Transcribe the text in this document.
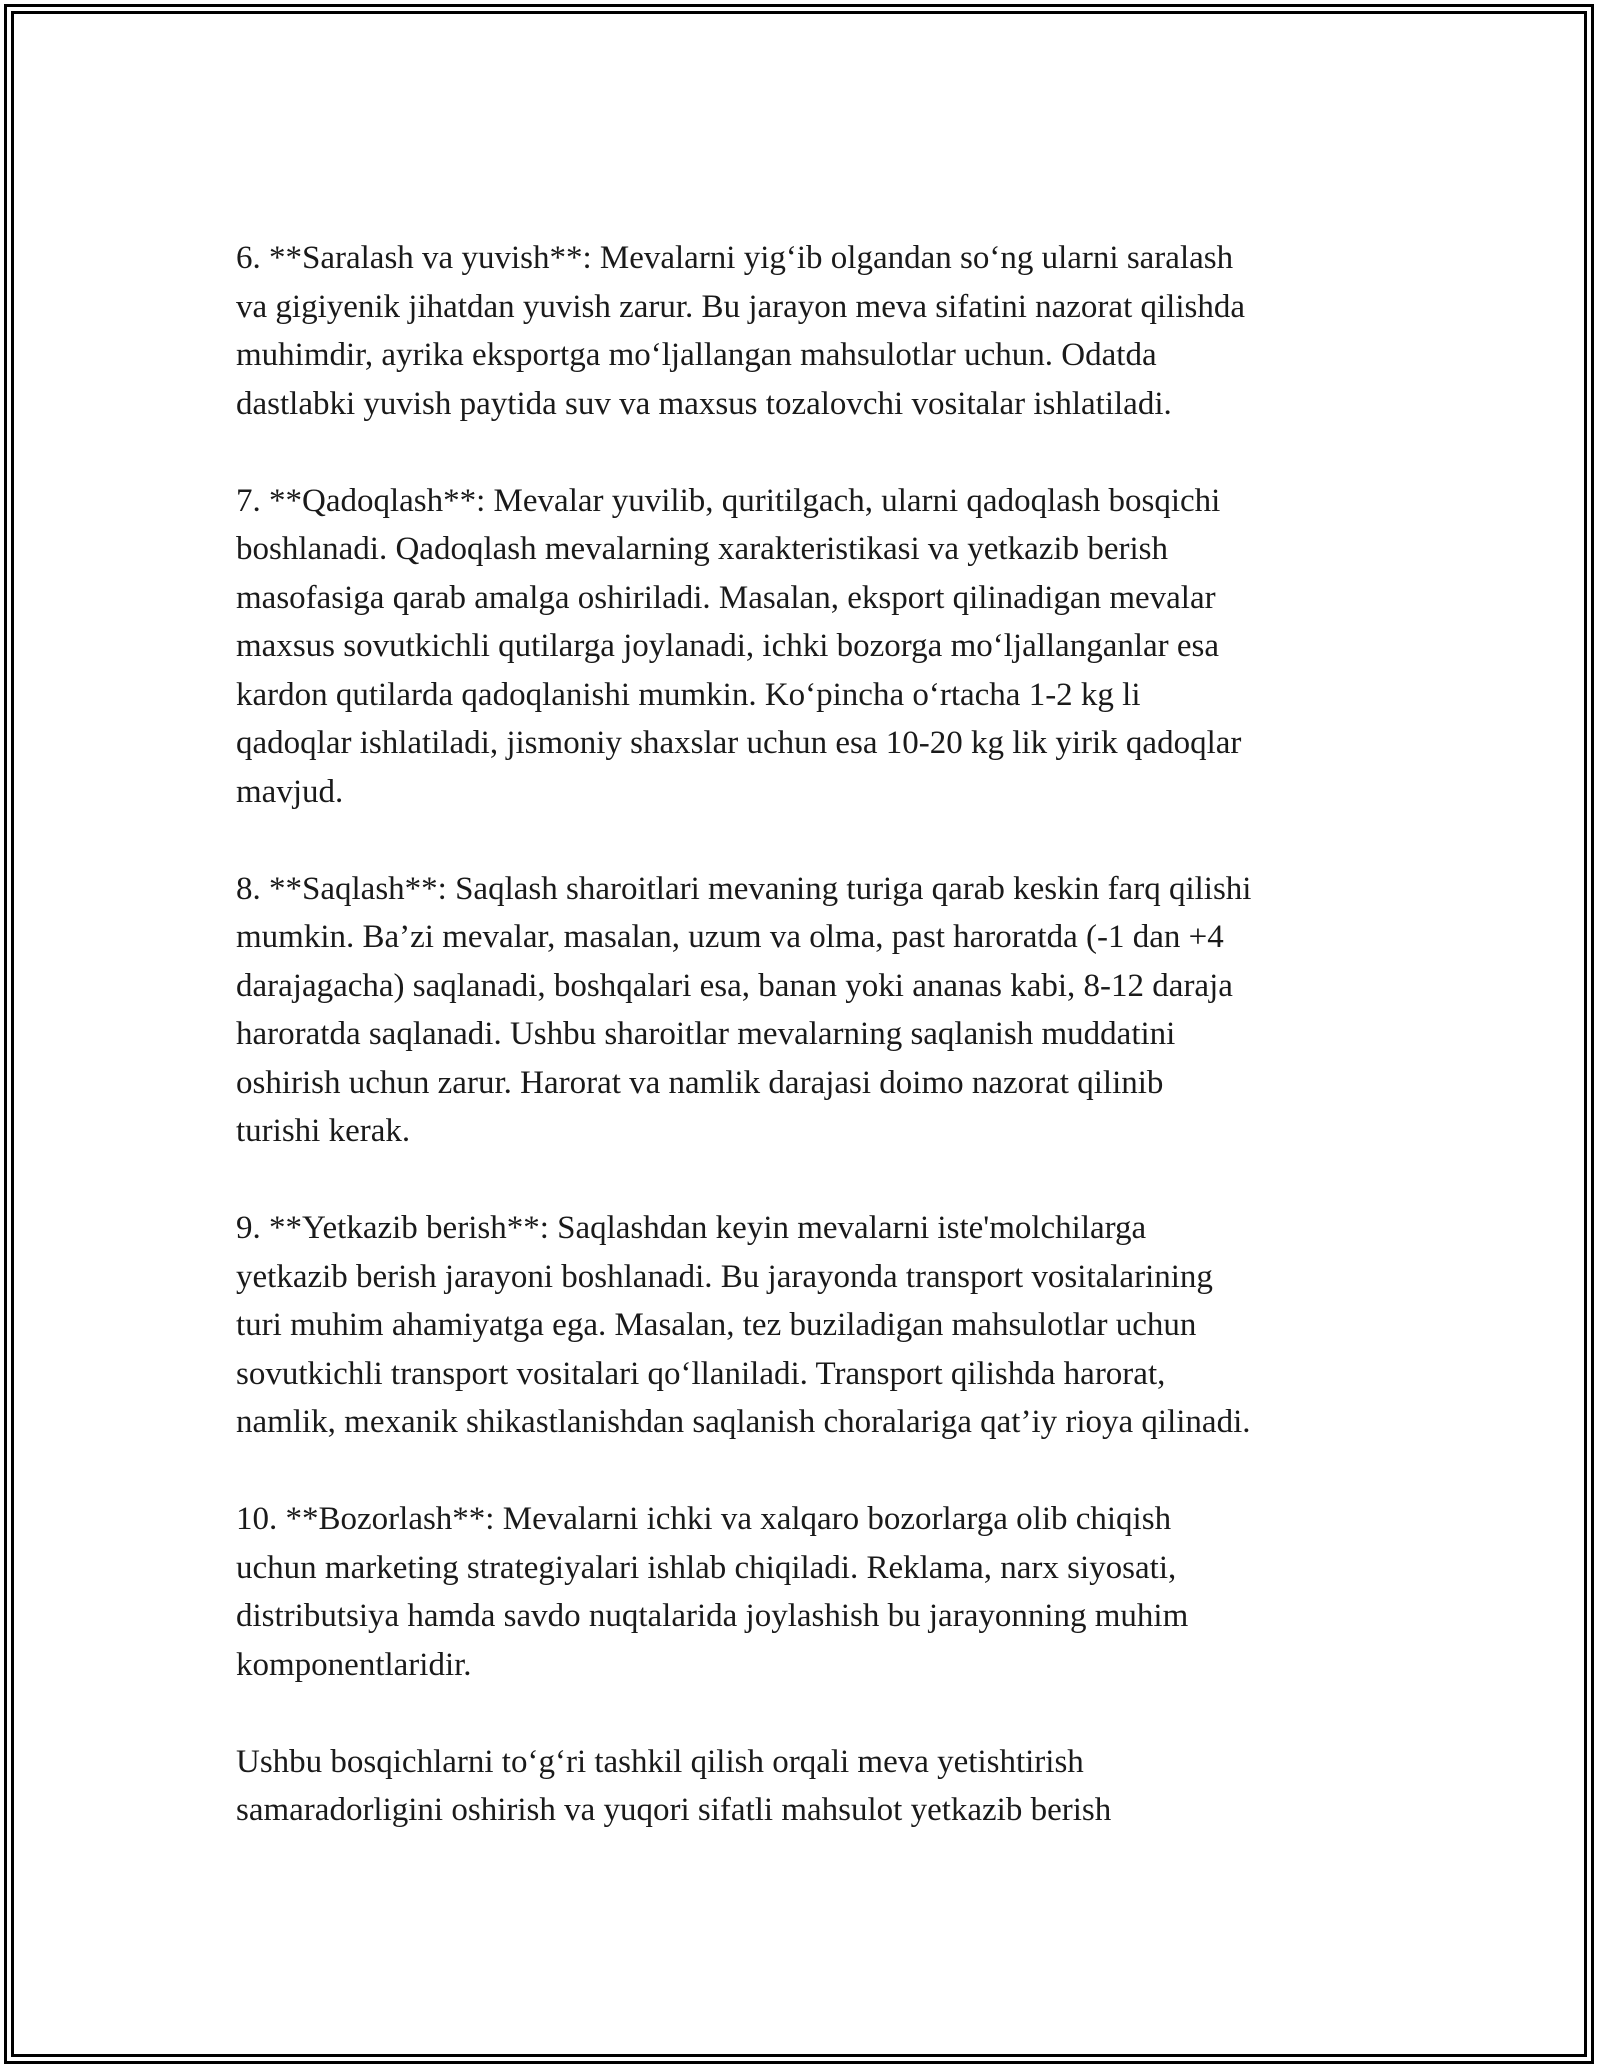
6. **Saralash va yuvish**: Mevalarni yig‘ib olgandan so‘ng ularni saralash
va gigiyenik jihatdan yuvish zarur. Bu jarayon meva sifatini nazorat qilishda
muhimdir, ayrika eksportga mo‘ljallangan mahsulotlar uchun. Odatda
dastlabki yuvish paytida suv va maxsus tozalovchi vositalar ishlatiladi.

7. **Qadoqlash**: Mevalar yuvilib, quritilgach, ularni qadoqlash bosqichi
boshlanadi. Qadoqlash mevalarning xarakteristikasi va yetkazib berish
masofasiga qarab amalga oshiriladi. Masalan, eksport qilinadigan mevalar
maxsus sovutkichli qutilarga joylanadi, ichki bozorga mo‘ljallanganlar esa
kardon qutilarda qadoqlanishi mumkin. Ko‘pincha o‘rtacha 1-2 kg li
qadoqlar ishlatiladi, jismoniy shaxslar uchun esa 10-20 kg lik yirik qadoqlar
mavjud.

8. **Saqlash**: Saqlash sharoitlari mevaning turiga qarab keskin farq qilishi
mumkin. Ba’zi mevalar, masalan, uzum va olma, past haroratda (-1 dan +4
darajagacha) saqlanadi, boshqalari esa, banan yoki ananas kabi, 8-12 daraja
haroratda saqlanadi. Ushbu sharoitlar mevalarning saqlanish muddatini
oshirish uchun zarur. Harorat va namlik darajasi doimo nazorat qilinib
turishi kerak.

9. **Yetkazib berish**: Saqlashdan keyin mevalarni iste'molchilarga
yetkazib berish jarayoni boshlanadi. Bu jarayonda transport vositalarining
turi muhim ahamiyatga ega. Masalan, tez buziladigan mahsulotlar uchun
sovutkichli transport vositalari qo‘llaniladi. Transport qilishda harorat,
namlik, mexanik shikastlanishdan saqlanish choralariga qat’iy rioya qilinadi.

10. **Bozorlash**: Mevalarni ichki va xalqaro bozorlarga olib chiqish
uchun marketing strategiyalari ishlab chiqiladi. Reklama, narx siyosati,
distributsiya hamda savdo nuqtalarida joylashish bu jarayonning muhim
komponentlaridir.

Ushbu bosqichlarni to‘g‘ri tashkil qilish orqali meva yetishtirish
samaradorligini oshirish va yuqori sifatli mahsulot yetkazib berish
